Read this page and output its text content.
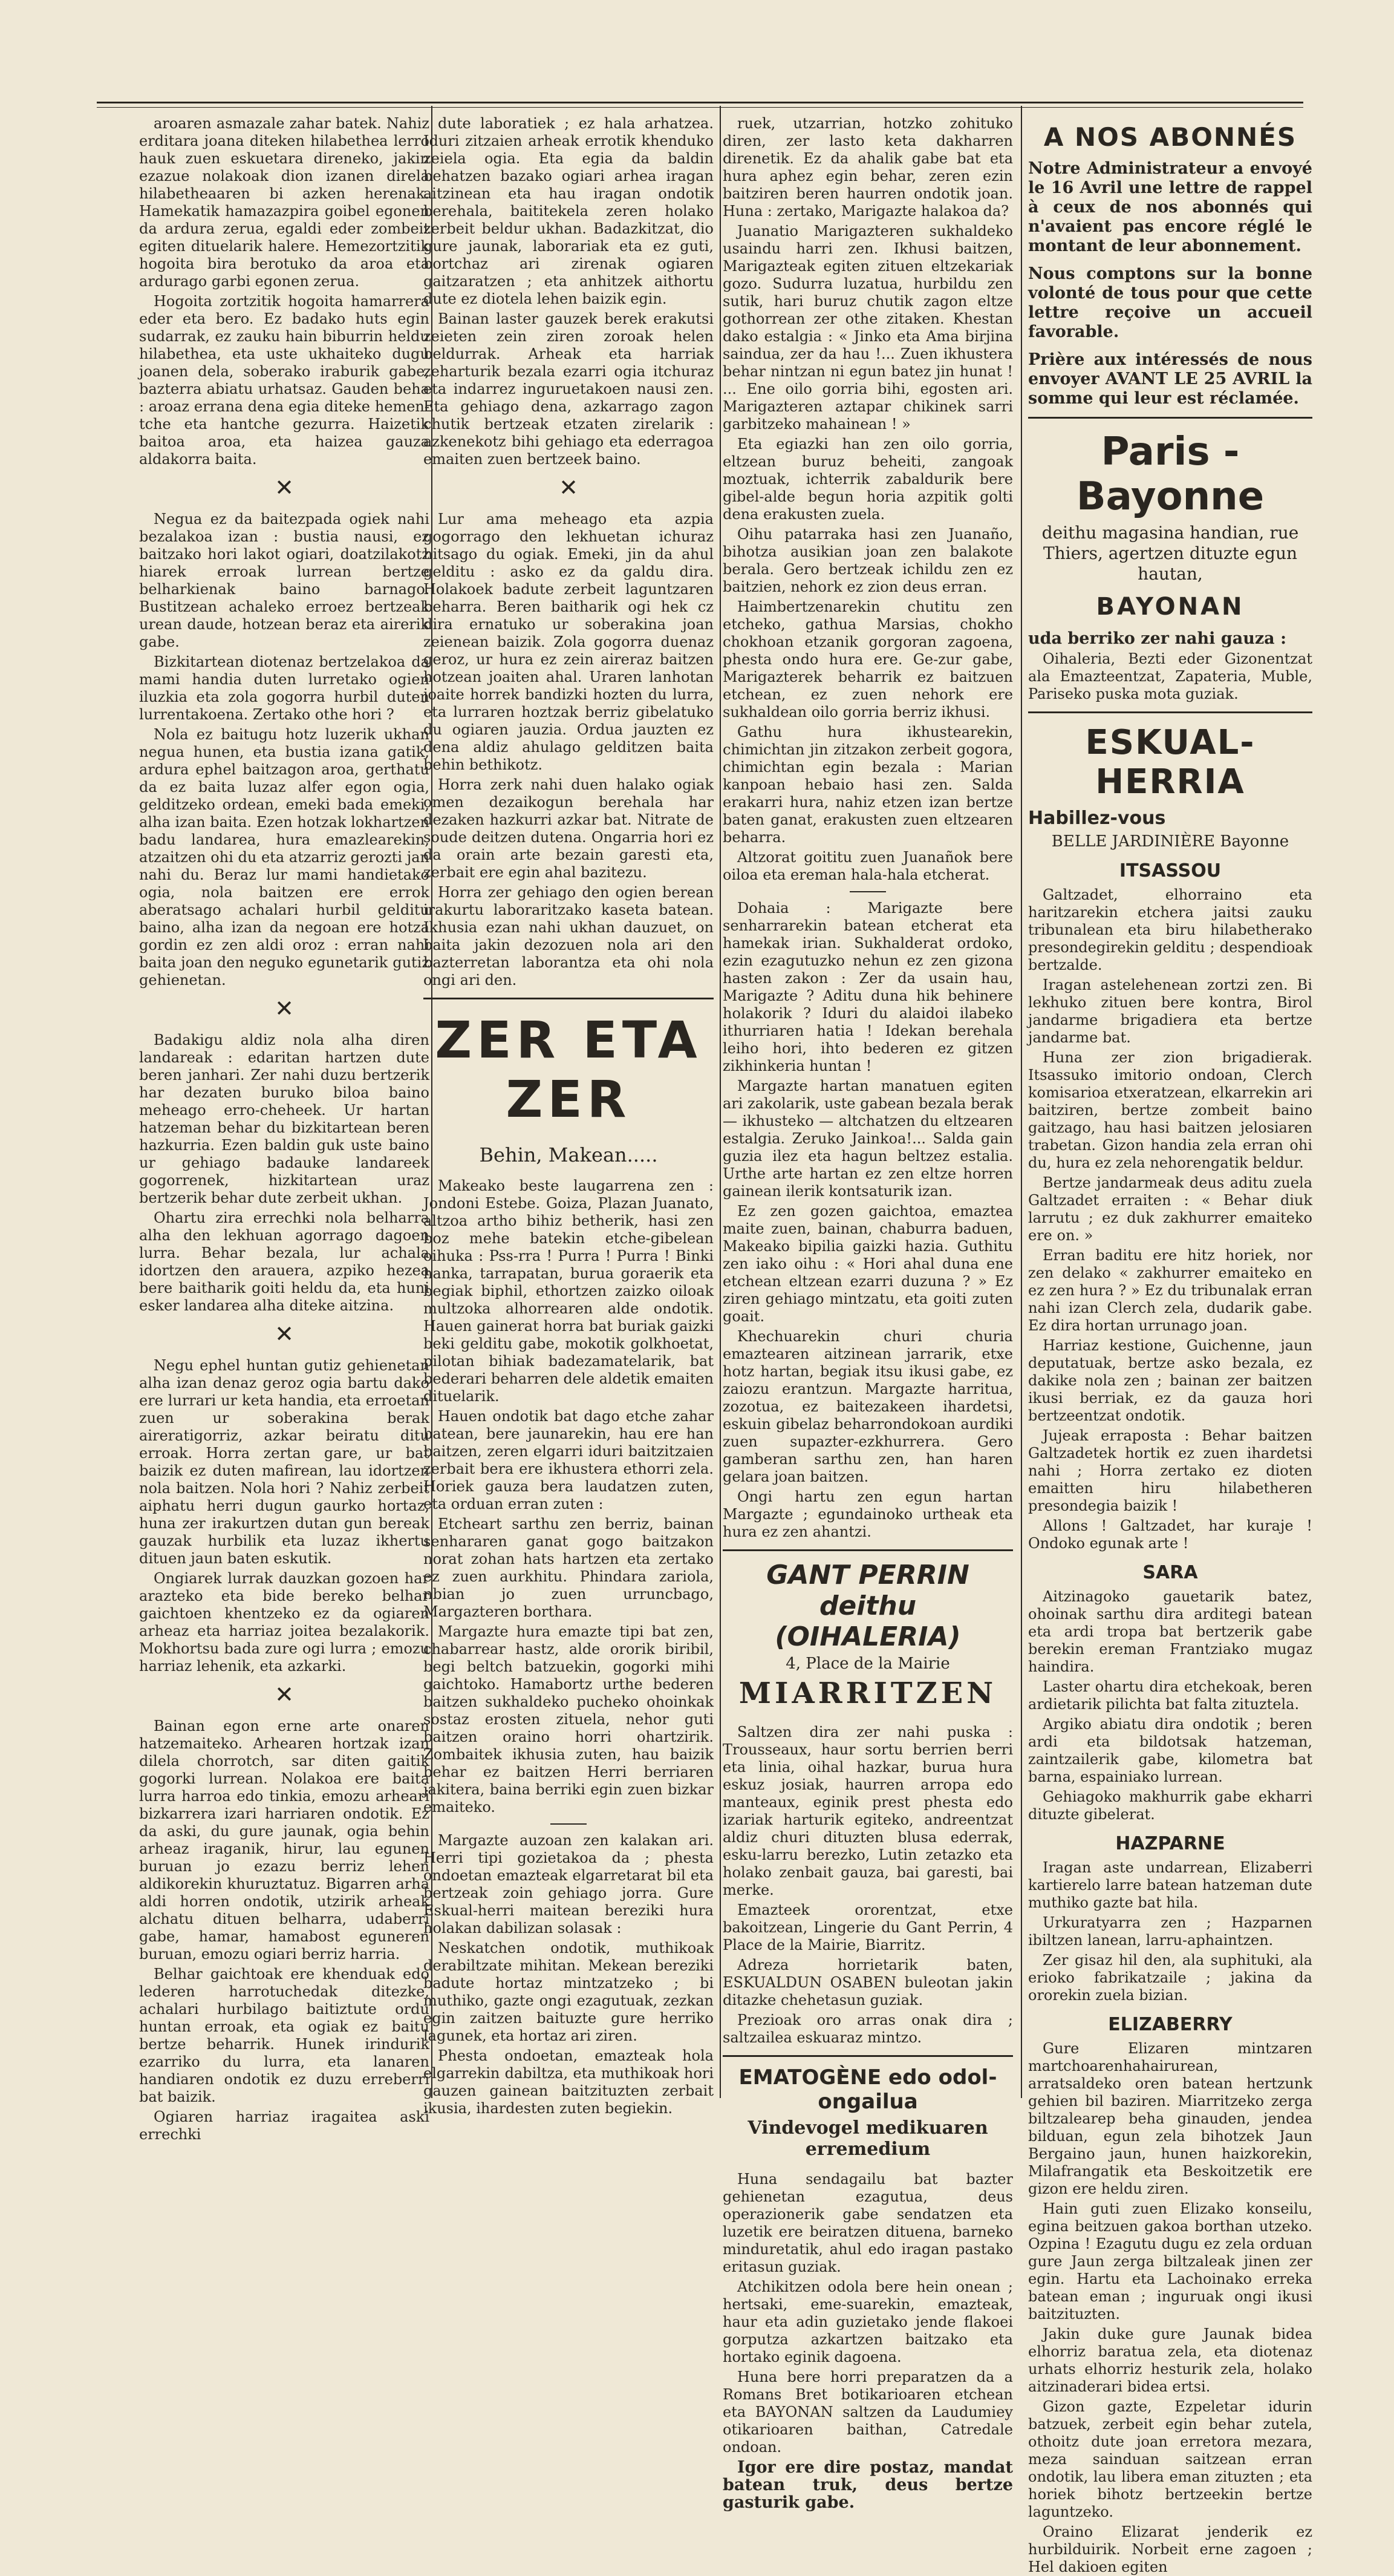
aroaren asmazale zahar batek. Nahiz erditara joana diteken hilabethea lerro hauk zuen eskuetara direneko, jakin ezazue nolakoak dion izanen direla hilabetheaaren bi azken herenak. Hamekatik hamazazpira goibel egonen da ardura zerua, egaldi eder zombeit egiten dituelarik halere. Hemezortzitik hogoita bira berotuko da aroa eta ardurago garbi egonen zerua.

Hogoita zortzitik hogoita hamarrera eder eta bero. Ez badako huts egin sudarrak, ez zauku hain biburrin heldu hilabethea, eta uste ukhaiteko dugu joanen dela, soberako iraburik gabe, bazterra abiatu urhatsaz. Gauden beha : aroaz errana dena egia diteke hemen-tche eta hantche gezurra. Haizetik baitoa aroa, eta haizea gauza aldakorra baita.

✕

Negua ez da baitezpada ogiek nahi bezalakoa izan : bustia nausi, ez baitzako hori lakot ogiari, doatzilakotz hiarek erroak lurrean bertze belharkienak baino barnago. Bustitzean achaleko erroez bertzeak urean daude, hotzean beraz eta airerik gabe.

Bizkitartean diotenaz bertzelakoa da mami handia duten lurretako ogien iluzkia eta zola gogorra hurbil duten lurrentakoena. Zertako othe hori ?

Nola ez baitugu hotz luzerik ukhan negua hunen, eta bustia izana gatik, ardura ephel baitzagon aroa, gerthatu da ez baita luzaz alfer egon ogia, gelditzeko ordean, emeki bada emeki, alha izan baita. Ezen hotzak lokhartzen badu landarea, hura emazlearekin, atzaitzen ohi du eta atzarriz gerozti jan nahi du. Beraz lur mami handietako ogia, nola baitzen ere errok aberatsago achalari hurbil gelditu baino, alha izan da negoan ere hotza gordin ez zen aldi oroz : erran nahi baita joan den neguko egunetarik gutiz gehienetan.

✕

Badakigu aldiz nola alha diren landareak : edaritan hartzen dute beren janhari. Zer nahi duzu bertzerik har dezaten buruko biloa baino meheago erro-cheheek. Ur hartan hatzeman behar du bizkitartean beren hazkurria. Ezen baldin guk uste baino ur gehiago badauke landareek gogorrenek, hizkitartean uraz bertzerik behar dute zerbeit ukhan.

Ohartu zira errechki nola belharra alha den lekhuan agorrago dagoen lurra. Behar bezala, lur achala idortzen den arauera, azpiko hezea bere baitharik goiti heldu da, eta huni esker landarea alha diteke aitzina.

✕

Negu ephel huntan gutiz gehienetan alha izan denaz geroz ogia bartu dako ere lurrari ur keta handia, eta erroetan zuen ur soberakina berak aireratigorriz, azkar beiratu ditu erroak. Horra zertan gare, ur bat baizik ez duten mafirean, lau idortzen nola baitzen. Nola hori ? Nahiz zerbeit aiphatu herri dugun gaurko hortaz, huna zer irakurtzen dutan gun bereak gauzak hurbilik eta luzaz ikhertu dituen jaun baten eskutik.

Ongiarek lurrak dauzkan gozoen har arazteko eta bide bereko belhar gaichtoen khentzeko ez da ogiaren arheaz eta harriaz joitea bezalakorik. Mokhortsu bada zure ogi lurra ; emozu harriaz lehenik, eta azkarki.

✕

Bainan egon erne arte onaren hatzemaiteko. Arhearen hortzak izan dilela chorrotch, sar diten gaitik gogorki lurrean. Nolakoa ere baita lurra harroa edo tinkia, emozu arheari bizkarrera izari harriaren ondotik. Ez da aski, du gure jaunak, ogia behin arheaz iraganik, hirur, lau egunen buruan jo ezazu berriz lehen aldikorekin khuruztatuz. Bigarren arha aldi horren ondotik, utzirik arheak alchatu dituen belharra, udaberri gabe, hamar, hamabost eguneren buruan, emozu ogiari berriz harria.

Belhar gaichtoak ere khenduak edo lederen harrotuchedak ditezke, achalari hurbilago baitiztute ordu huntan erroak, eta ogiak ez baitu bertze beharrik. Hunek irindurik ezarriko du lurra, eta lanaren handiaren ondotik ez duzu erreberri bat baizik.

Ogiaren harriaz iragaitea aski errechki

dute laboratiek ; ez hala arhatzea. Iduri zitzaien arheak errotik khenduko zeiela ogia. Eta egia da baldin behatzen bazako ogiari arhea iragan aitzinean eta hau iragan ondotik berehala, baititekela zeren holako zerbeit beldur ukhan. Badazkitzat, dio gure jaunak, laborariak eta ez guti, bortchaz ari zirenak ogiaren gaitzaratzen ; eta anhitzek aithortu dute ez diotela lehen baizik egin.

Bainan laster gauzek berek erakutsi zeieten zein ziren zoroak helen beldurrak. Arheak eta harriak zeharturik bezala ezarri ogia itchuraz eta indarrez inguruetakoen nausi zen. Eta gehiago dena, azkarrago zagon chutik bertzeak etzaten zirelarik : azkenekotz bihi gehiago eta ederragoa emaiten zuen bertzeek baino.

✕

Lur ama meheago eta azpia gogorrago den lekhuetan ichuraz hitsago du ogiak. Emeki, jin da ahul gelditu : asko ez da galdu dira. Holakoek badute zerbeit laguntzaren beharra. Beren baitharik ogi hek cz dira ernatuko ur soberakina joan zeienean baizik. Zola gogorra duenaz geroz, ur hura ez zein aireraz baitzen hotzean joaiten ahal. Uraren lanhotan joaite horrek bandizki hozten du lurra, eta lurraren hoztzak berriz gibelatuko du ogiaren jauzia. Ordua jauzten ez dena aldiz ahulago gelditzen baita behin bethikotz.

Horra zerk nahi duen halako ogiak omen dezaikogun berehala har dezaken hazkurri azkar bat. Nitrate de soude deitzen dutena. Ongarria hori ez da orain arte bezain garesti eta, zerbait ere egin ahal bazitezu.

Horra zer gehiago den ogien berean irakurtu laboraritzako kaseta batean. Ikhusia ezan nahi ukhan dauzuet, on baita jakin dezozuen nola ari den bazterretan laborantza eta ohi nola ongi ari den.

ZER ETA ZER
Behin, Makean.....

Makeako beste laugarrena zen : Jondoni Estebe. Goiza, Plazan Juanato, altzoa artho bihiz betherik, hasi zen boz mehe batekin etche-gibelean oihuka : Pss-rra ! Purra ! Purra ! Binki hanka, tarrapatan, burua goraerik eta begiak biphil, ethortzen zaizko oiloak multzoka alhorrearen alde ondotik. Hauen gainerat horra bat buriak gaizki beki gelditu gabe, mokotik golkhoetat, pilotan bihiak badezamatelarik, bat bederari beharren dele aldetik emaiten dituelarik.

Hauen ondotik bat dago etche zahar batean, bere jaunarekin, hau ere han baitzen, zeren elgarri iduri baitzitzaien zerbait bera ere ikhustera ethorri zela. Horiek gauza bera laudatzen zuten, eta orduan erran zuten :

Etcheart sarthu zen berriz, bainan senhararen ganat gogo baitzakon norat zohan hats hartzen eta zertako ez zuen aurkhitu. Phindara zariola, nbian jo zuen urruncbago, Margazteren borthara.

Margazte hura emazte tipi bat zen, chabarrear hastz, alde ororik biribil, begi beltch batzuekin, gogorki mihi gaichtoko. Hamabortz urthe bederen baitzen sukhaldeko pucheko ohoinkak sostaz erosten zituela, nehor guti baitzen oraino horri ohartzirik. Zombaitek ikhusia zuten, hau baizik behar ez baitzen Herri berriaren jakitera, baina berriki egin zuen bizkar emaiteko.

Margazte auzoan zen kalakan ari. Herri tipi gozietakoa da ; phesta ondoetan emazteak elgarretarat bil eta bertzeak zoin gehiago jorra. Gure Eskual-herri maitean bereziki hura holakan dabilizan solasak :

Neskatchen ondotik, muthikoak derabiltzate mihitan. Mekean bereziki badute hortaz mintzatzeko ; bi muthiko, gazte ongi ezagutuak, zezkan egin zaitzen baituzte gure herriko lagunek, eta hortaz ari ziren.

Phesta ondoetan, emazteak hola elgarrekin dabiltza, eta muthikoak hori gauzen gainean baitzituzten zerbait ikusia, ihardesten zuten begiekin.

ruek, utzarrian, hotzko zohituko diren, zer lasto keta dakharren direnetik. Ez da ahalik gabe bat eta hura aphez egin behar, zeren ezin baitziren beren haurren ondotik joan. Huna : zertako, Marigazte halakoa da?

Juanatio Marigazteren sukhaldeko usaindu harri zen. Ikhusi baitzen, Marigazteak egiten zituen eltzekariak gozo. Sudurra luzatua, hurbildu zen sutik, hari buruz chutik zagon eltze gothorrean zer othe zitaken. Khestan dako estalgia : « Jinko eta Ama birjina saindua, zer da hau !... Zuen ikhustera behar nintzan ni egun batez jin hunat ! ... Ene oilo gorria bihi, egosten ari. Marigazteren aztapar chikinek sarri garbitzeko mahainean ! »

Eta egiazki han zen oilo gorria, eltzean buruz beheiti, zangoak moztuak, ichterrik zabaldurik bere gibel-alde begun horia azpitik golti dena erakusten zuela.

Oihu patarraka hasi zen Juanaño, bihotza ausikian joan zen balakote berala. Gero bertzeak ichildu zen ez baitzien, nehork ez zion deus erran.

Haimbertzenarekin chutitu zen etcheko, gathua Marsias, chokho chokhoan etzanik gorgoran zagoena, phesta ondo hura ere. Ge-zur gabe, Marigazterek beharrik ez baitzuen etchean, ez zuen nehork ere sukhaldean oilo gorria berriz ikhusi.

Gathu hura ikhustearekin, chimichtan jin zitzakon zerbeit gogora, chimichtan egin bezala : Marian kanpoan hebaio hasi zen. Salda erakarri hura, nahiz etzen izan bertze baten ganat, erakusten zuen eltzearen beharra.

Altzorat goititu zuen Juanañok bere oiloa eta ereman hala-hala etcherat.

Dohaia : Marigazte bere senharrarekin batean etcherat eta hamekak irian. Sukhalderat ordoko, ezin ezagutuzko nehun ez zen gizona hasten zakon : Zer da usain hau, Marigazte ? Aditu duna hik behinere holakorik ? Iduri du alaidoi ilabeko ithurriaren hatia ! Idekan berehala leiho hori, ihto bederen ez gitzen zikhinkeria huntan !

Margazte hartan manatuen egiten ari zakolarik, uste gabean bezala berak — ikhusteko — altchatzen du eltzearen estalgia. Zeruko Jainkoa!... Salda gain guzia ilez eta hagun beltzez estalia. Urthe arte hartan ez zen eltze horren gainean ilerik kontsaturik izan.

Ez zen gozen gaichtoa, emaztea maite zuen, bainan, chaburra baduen, Makeako bipilia gaizki hazia. Guthitu zen iako oihu : « Hori ahal duna ene etchean eltzean ezarri duzuna ? » Ez ziren gehiago mintzatu, eta goiti zuten goait.

Khechuarekin churi churia emaztearen aitzinean jarrarik, etxe hotz hartan, begiak itsu ikusi gabe, ez zaiozu erantzun. Margazte harritua, zozotua, ez baitezakeen ihardetsi, eskuin gibelaz beharrondokoan aurdiki zuen supazter-ezkhurrera. Gero gamberan sarthu zen, han haren gelara joan baitzen.

Ongi hartu zen egun hartan Margazte ; egundainoko urtheak eta hura ez zen ahantzi.

GANT PERRIN deithu (OIHALERIA)
4, Place de la Mairie
MIARRITZEN

Saltzen dira zer nahi puska : Trousseaux, haur sortu berrien berri eta linia, oihal hazkar, burua hura eskuz josiak, haurren arropa edo manteaux, eginik prest phesta edo izariak harturik egiteko, andreentzat aldiz churi dituzten blusa ederrak, esku-larru berezko, Lutin zetazko eta holako zenbait gauza, bai garesti, bai merke.

Emazteek ororentzat, etxe bakoitzean, Lingerie du Gant Perrin, 4 Place de la Mairie, Biarritz.

Adreza horrietarik baten, ESKUALDUN OSABEN buleotan jakin ditazke chehetasun guziak.

Prezioak oro arras onak dira ; saltzailea eskuaraz mintzo.

EMATOGÈNE edo odol-ongailua
Vindevogel medikuaren erremedium

Huna sendagailu bat bazter gehienetan ezagutua, deus operazionerik gabe sendatzen eta luzetik ere beiratzen dituena, barneko minduretatik, ahul edo iragan pastako eritasun guziak.

Atchikitzen odola bere hein onean ; hertsaki, eme-suarekin, emazteak, haur eta adin guzietako jende flakoei gorputza azkartzen baitzako eta hortako eginik dagoena.

Huna bere horri preparatzen da a Romans Bret botikarioaren etchean eta BAYONAN saltzen da Laudumiey otikarioaren baithan, Catredale ondoan.

Igor ere dire postaz, mandat batean truk, deus bertze gasturik gabe.

A NOS ABONNÉS
Notre Administrateur a envoyé le 16 Avril une lettre de rappel à ceux de nos abonnés qui n'avaient pas encore réglé le montant de leur abonnement.
Nous comptons sur la bonne volonté de tous pour que cette lettre reçoive un accueil favorable.
Prière aux intéressés de nous envoyer AVANT LE 25 AVRIL la somme qui leur est réclamée.
Paris - Bayonne
deithu magasina handian, rue Thiers, agertzen dituzte egun hautan,
BAYONAN
uda berriko zer nahi gauza :

Oihaleria, Bezti eder Gizonentzat ala Emazteentzat, Zapateria, Muble, Pariseko puska mota guziak.

ESKUAL-HERRIA
Habillez-vous
BELLE JARDINIÈRE Bayonne
ITSASSOU

Galtzadet, elhorraino eta haritzarekin etchera jaitsi zauku tribunalean eta biru hilabetherako presondegirekin gelditu ; despendioak bertzalde.

Iragan astelehenean zortzi zen. Bi lekhuko zituen bere kontra, Birol jandarme brigadiera eta bertze jandarme bat.

Huna zer zion brigadierak. Itsassuko imitorio ondoan, Clerch komisarioa etxeratzean, elkarrekin ari baitziren, bertze zombeit baino gaitzago, hau hasi baitzen jelosiaren trabetan. Gizon handia zela erran ohi du, hura ez zela nehorengatik beldur.

Bertze jandarmeak deus aditu zuela Galtzadet erraiten : « Behar diuk larrutu ; ez duk zakhurrer emaiteko ere on. »

Erran baditu ere hitz horiek, nor zen delako « zakhurrer emaiteko en ez zen hura ? » Ez du tribunalak erran nahi izan Clerch zela, dudarik gabe. Ez dira hortan urrunago joan.

Harriaz kestione, Guichenne, jaun deputatuak, bertze asko bezala, ez dakike nola zen ; bainan zer baitzen ikusi berriak, ez da gauza hori bertzeentzat ondotik.

Jujeak erraposta : Behar baitzen Galtzadetek hortik ez zuen ihardetsi nahi ; Horra zertako ez dioten emaitten hiru hilabetheren presondegia baizik !

Allons ! Galtzadet, har kuraje ! Ondoko egunak arte !

SARA

Aitzinagoko gauetarik batez, ohoinak sarthu dira arditegi batean eta ardi tropa bat bertzerik gabe berekin ereman Frantziako mugaz haindira.

Laster ohartu dira etchekoak, beren ardietarik pilichta bat falta zituztela.

Argiko abiatu dira ondotik ; beren ardi eta bildotsak hatzeman, zaintzailerik gabe, kilometra bat barna, espainiako lurrean.

Gehiagoko makhurrik gabe ekharri dituzte gibelerat.

HAZPARNE

Iragan aste undarrean, Elizaberri kartierelo larre batean hatzeman dute muthiko gazte bat hila.

Urkuratyarra zen ; Hazparnen ibiltzen lanean, larru-aphaintzen.

Zer gisaz hil den, ala suphituki, ala erioko fabrikatzaile ; jakina da ororekin zuela bizian.

ELIZABERRY

Gure Elizaren mintzaren martchoarenhahairurean, arratsaldeko oren batean hertzunk gehien bil baziren. Miarritzeko zerga biltzalearep beha ginauden, jendea bilduan, egun zela bihotzek Jaun Bergaino jaun, hunen haizkorekin, Milafrangatik eta Beskoitzetik ere gizon ere heldu ziren.

Hain guti zuen Elizako konseilu, egina beitzuen gakoa borthan utzeko. Ozpina ! Ezagutu dugu ez zela orduan gure Jaun zerga biltzaleak jinen zer egin. Hartu eta Lachoinako erreka batean eman ; inguruak ongi ikusi baitzituzten.

Jakin duke gure Jaunak bidea elhorriz baratua zela, eta diotenaz urhats elhorriz hesturik zela, holako aitzinaderari bidea ertsi.

Gizon gazte, Ezpeletar idurin batzuek, zerbeit egin behar zutela, othoitz dute joan erretora mezara, meza sainduan saitzean erran ondotik, lau libera eman zituzten ; eta horiek bihotz bertzeekin bertze laguntzeko.

Oraino Elizarat jenderik ez hurbilduirik. Norbeit erne zagoen ; Hel dakioen egiten
